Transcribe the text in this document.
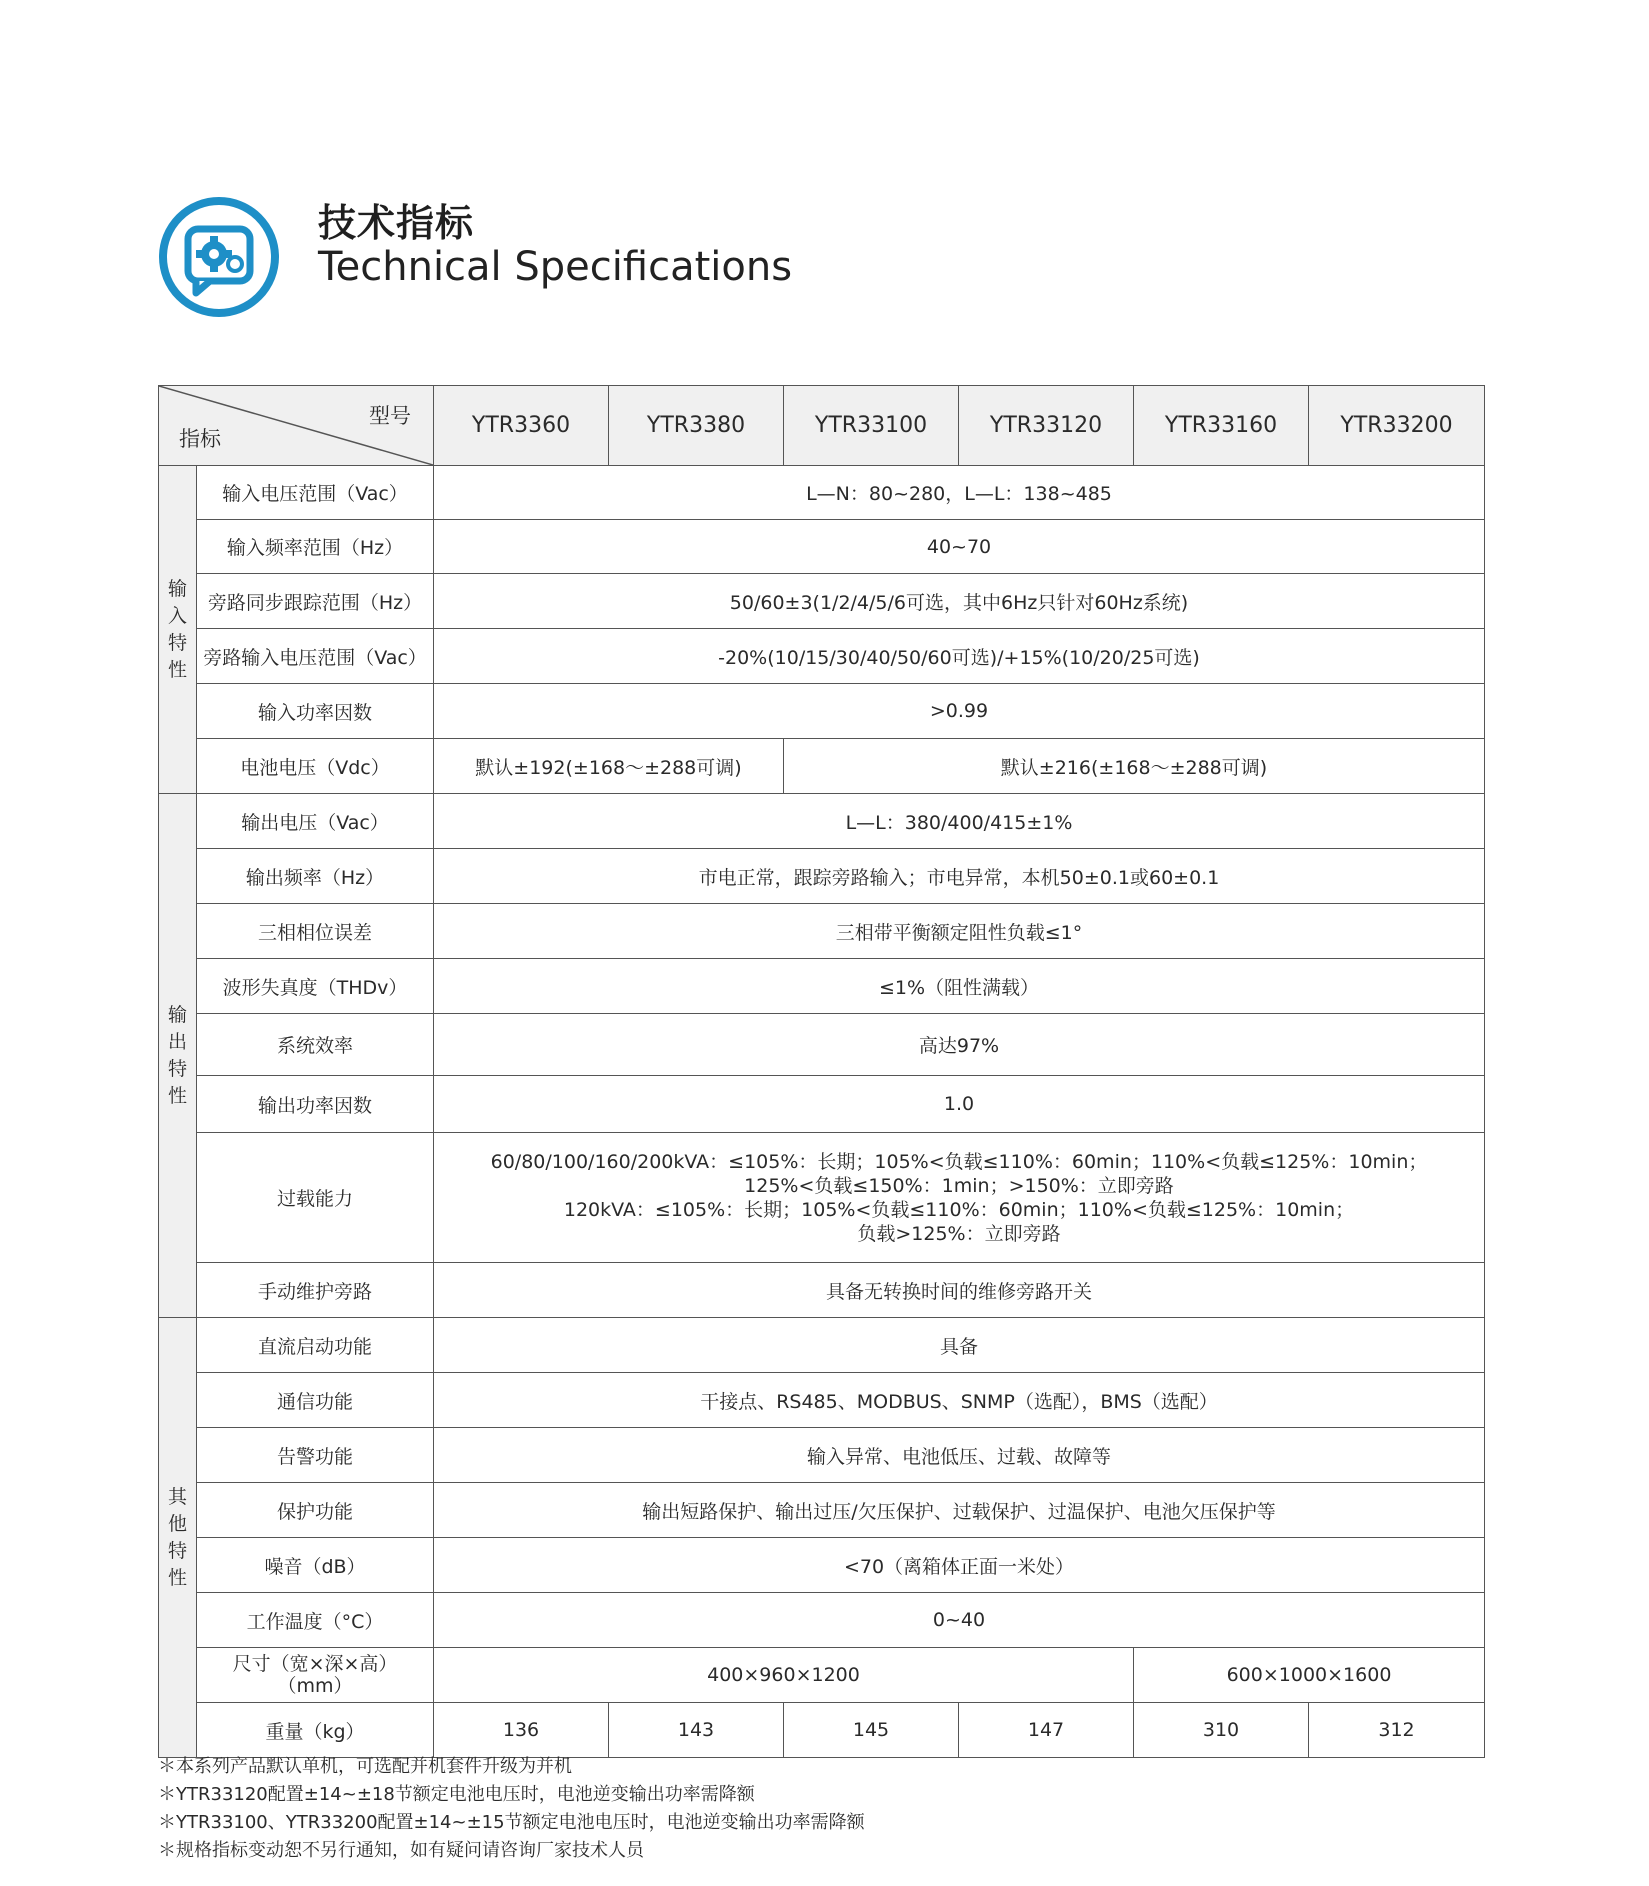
技术指标
Technical Specifications
型号
指标		YTR3360	YTR3380	YTR33100	YTR33120	YTR33160	YTR33200

输
入
特
性	输入电压范围（Vac）	L—N：80~280，L—L：138~485					
	输入频率范围（Hz）	40~70					
	旁路同步跟踪范围（Hz）	50/60±3(1/2/4/5/6可选，其中6Hz只针对60Hz系统)					
	旁路输入电压范围（Vac）	-20%(10/15/30/40/50/60可选)/+15%(10/20/25可选)					
	输入功率因数	>0.99					
	电池电压（Vdc）	默认±192(±168～±288可调)		默认±216(±168～±288可调)			

输
出
特
性	输出电压（Vac）	L—L：380/400/415±1%					
	输出频率（Hz）	市电正常，跟踪旁路输入；市电异常，本机50±0.1或60±0.1					
	三相相位误差	三相带平衡额定阻性负载≤1°					
	波形失真度（THDv）	≤1%（阻性满载）					
	系统效率	高达97%					
	输出功率因数	1.0					
	过载能力	60/80/100/160/200kVA：≤105%：长期；105%<负载≤110%：60min；110%<负载≤125%：10min；
125%<负载≤150%：1min；>150%：立即旁路
120kVA：≤105%：长期；105%<负载≤110%：60min；110%<负载≤125%：10min；
负载>125%：立即旁路					

	手动维护旁路	具备无转换时间的维修旁路开关					

其
他
特
性	直流启动功能	具备					
	通信功能	干接点、RS485、MODBUS、SNMP（选配），BMS（选配）					
	告警功能	输入异常、电池低压、过载、故障等					
	保护功能	输出短路保护、输出过压/欠压保护、过载保护、过温保护、电池欠压保护等					
	噪音（dB）	<70（离箱体正面一米处）					
	工作温度（°C）	0~40					

	尺寸（宽×深×高）
（mm）	400×960×1200				600×1000×1600	
	重量（kg）	136	143	145	147	310	312
＊本系列产品默认单机，可选配并机套件升级为并机
＊YTR33120配置±14~±18节额定电池电压时，电池逆变输出功率需降额
＊YTR33100、YTR33200配置±14~±15节额定电池电压时，电池逆变输出功率需降额
＊规格指标变动恕不另行通知，如有疑问请咨询厂家技术人员
